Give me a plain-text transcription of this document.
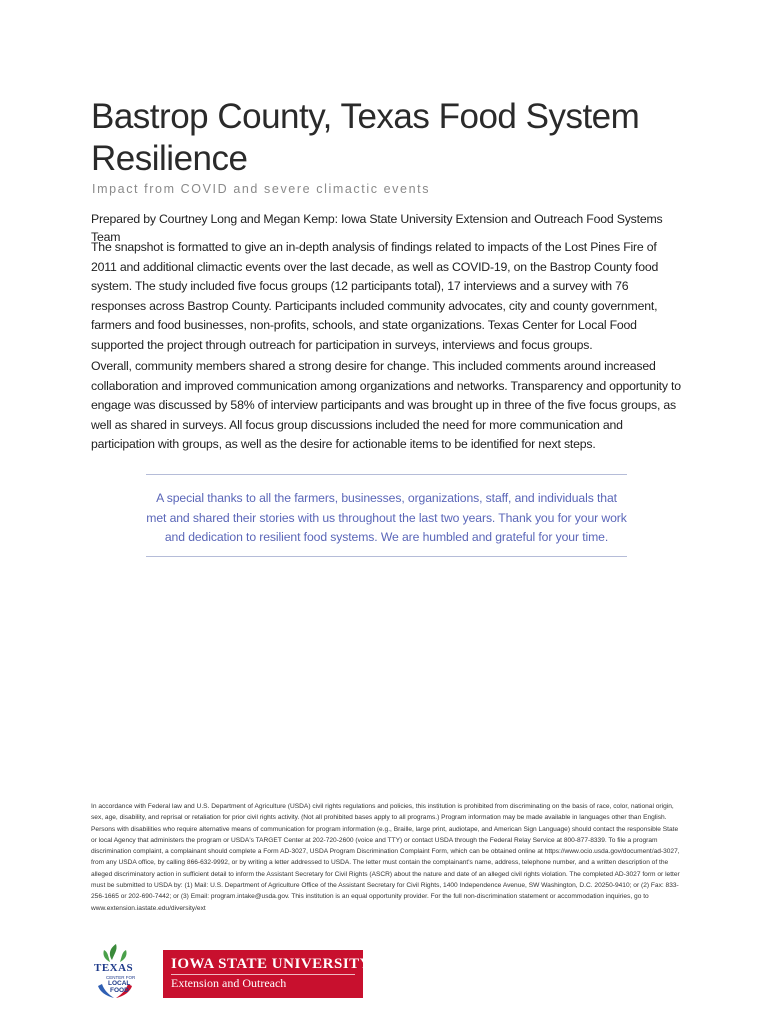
Bastrop County, Texas Food System
Resilience

Impact from COVID and severe climactic events

Prepared by Courtney Long and Megan Kemp: Iowa State University Extension and Outreach Food Systems Team

The snapshot is formatted to give an in-depth analysis of findings related to impacts of the Lost Pines Fire of 2011 and additional climactic events over the last decade, as well as COVID-19, on the Bastrop County food system. The study included five focus groups (12 participants total), 17 interviews and a survey with 76 responses across Bastrop County. Participants included community advocates, city and county government, farmers and food businesses, non-profits, schools, and state organizations. Texas Center for Local Food supported the project through outreach for participation in surveys, interviews and focus groups.

Overall, community members shared a strong desire for change. This included comments around increased collaboration and improved communication among organizations and networks. Transparency and opportunity to engage was discussed by 58% of interview participants and was brought up in three of the five focus groups, as well as shared in surveys. All focus group discussions included the need for more communication and participation with groups, as well as the desire for actionable items to be identified for next steps.

A special thanks to all the farmers, businesses, organizations, staff, and individuals that met and shared their stories with us throughout the last two years. Thank you for your work and dedication to resilient food systems. We are humbled and grateful for your time.

In accordance with Federal law and U.S. Department of Agriculture (USDA) civil rights regulations and policies, this institution is prohibited from discriminating on the basis of race, color, national origin, sex, age, disability, and reprisal or retaliation for prior civil rights activity. (Not all prohibited bases apply to all programs.) Program information may be made available in languages other than English. Persons with disabilities who require alternative means of communication for program information (e.g., Braille, large print, audiotape, and American Sign Language) should contact the responsible State or local Agency that administers the program or USDA's TARGET Center at 202-720-2600 (voice and TTY) or contact USDA through the Federal Relay Service at 800-877-8339. To file a program discrimination complaint, a complainant should complete a Form AD-3027, USDA Program Discrimination Complaint Form, which can be obtained online at https://www.ocio.usda.gov/document/ad-3027, from any USDA office, by calling 866-632-9992, or by writing a letter addressed to USDA. The letter must contain the complainant's name, address, telephone number, and a written description of the alleged discriminatory action in sufficient detail to inform the Assistant Secretary for Civil Rights (ASCR) about the nature and date of an alleged civil rights violation. The completed AD-3027 form or letter must be submitted to USDA by: (1) Mail: U.S. Department of Agriculture Office of the Assistant Secretary for Civil Rights, 1400 Independence Avenue, SW Washington, D.C. 20250-9410; or (2) Fax: 833-256-1665 or 202-690-7442; or (3) Email: program.intake@usda.gov. This institution is an equal opportunity provider. For the full non-discrimination statement or accommodation inquiries, go to www.extension.iastate.edu/diversity/ext

TEXAS
CENTER FOR
LOCAL
FOOD
IOWA STATE UNIVERSITY
Extension and Outreach
